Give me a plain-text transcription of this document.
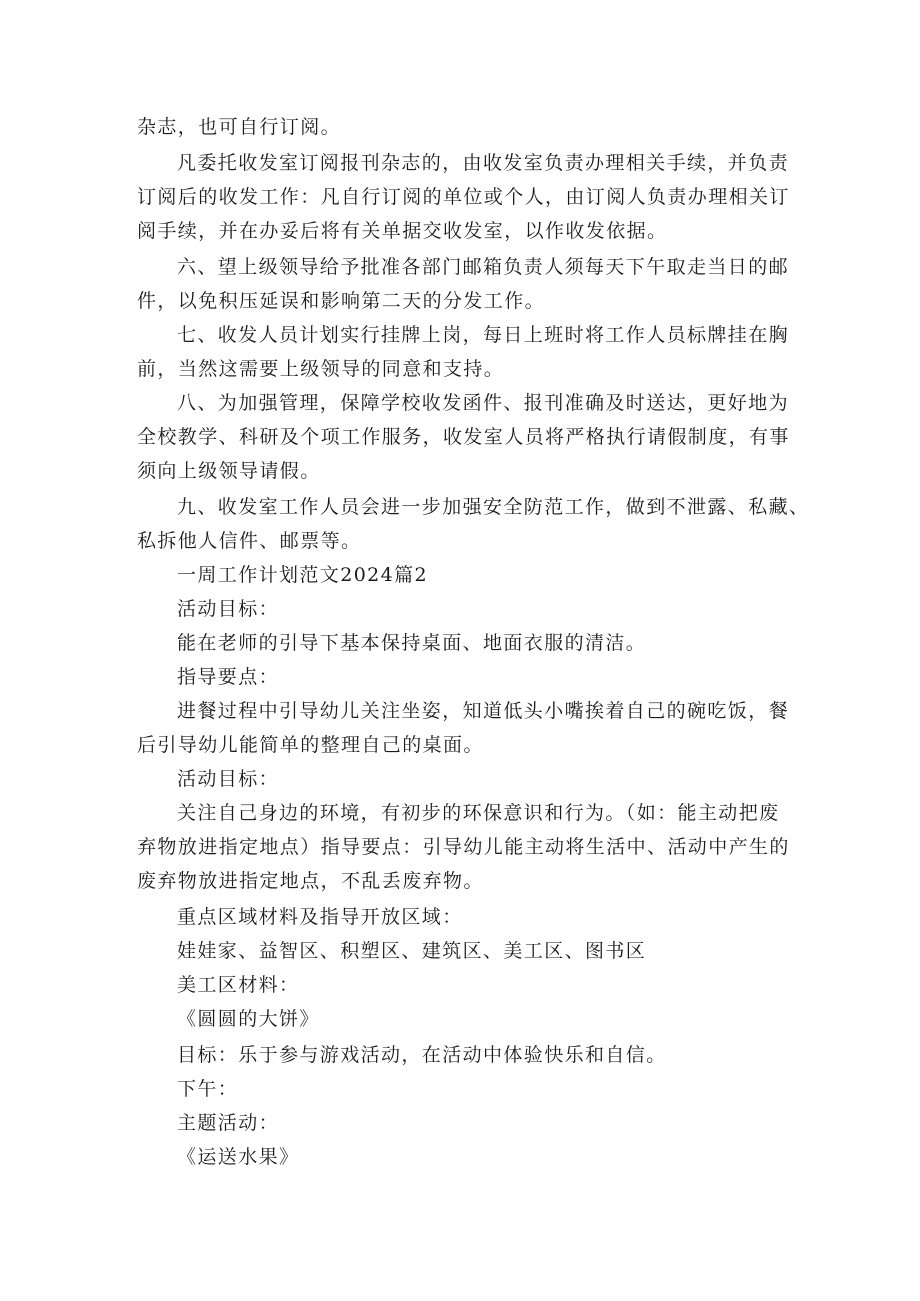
杂志，也可自行订阅。
凡委托收发室订阅报刊杂志的，由收发室负责办理相关手续，并负责
订阅后的收发工作：凡自行订阅的单位或个人，由订阅人负责办理相关订
阅手续，并在办妥后将有关单据交收发室，以作收发依据。
六、望上级领导给予批准各部门邮箱负责人须每天下午取走当日的邮
件，以免积压延误和影响第二天的分发工作。
七、收发人员计划实行挂牌上岗，每日上班时将工作人员标牌挂在胸
前，当然这需要上级领导的同意和支持。
八、为加强管理，保障学校收发函件、报刊准确及时送达，更好地为
全校教学、科研及个项工作服务，收发室人员将严格执行请假制度，有事
须向上级领导请假。
九、收发室工作人员会进一步加强安全防范工作，做到不泄露、私藏、
私拆他人信件、邮票等。
一周工作计划范文2024篇2
活动目标：
能在老师的引导下基本保持桌面、地面衣服的清洁。
指导要点：
进餐过程中引导幼儿关注坐姿，知道低头小嘴挨着自己的碗吃饭，餐
后引导幼儿能简单的整理自己的桌面。
活动目标：
关注自己身边的环境，有初步的环保意识和行为。（如：能主动把废
弃物放进指定地点）指导要点：引导幼儿能主动将生活中、活动中产生的
废弃物放进指定地点，不乱丢废弃物。
重点区域材料及指导开放区域：
娃娃家、益智区、积塑区、建筑区、美工区、图书区
美工区材料：
《圆圆的大饼》
目标：乐于参与游戏活动，在活动中体验快乐和自信。
下午：
主题活动：
《运送水果》
